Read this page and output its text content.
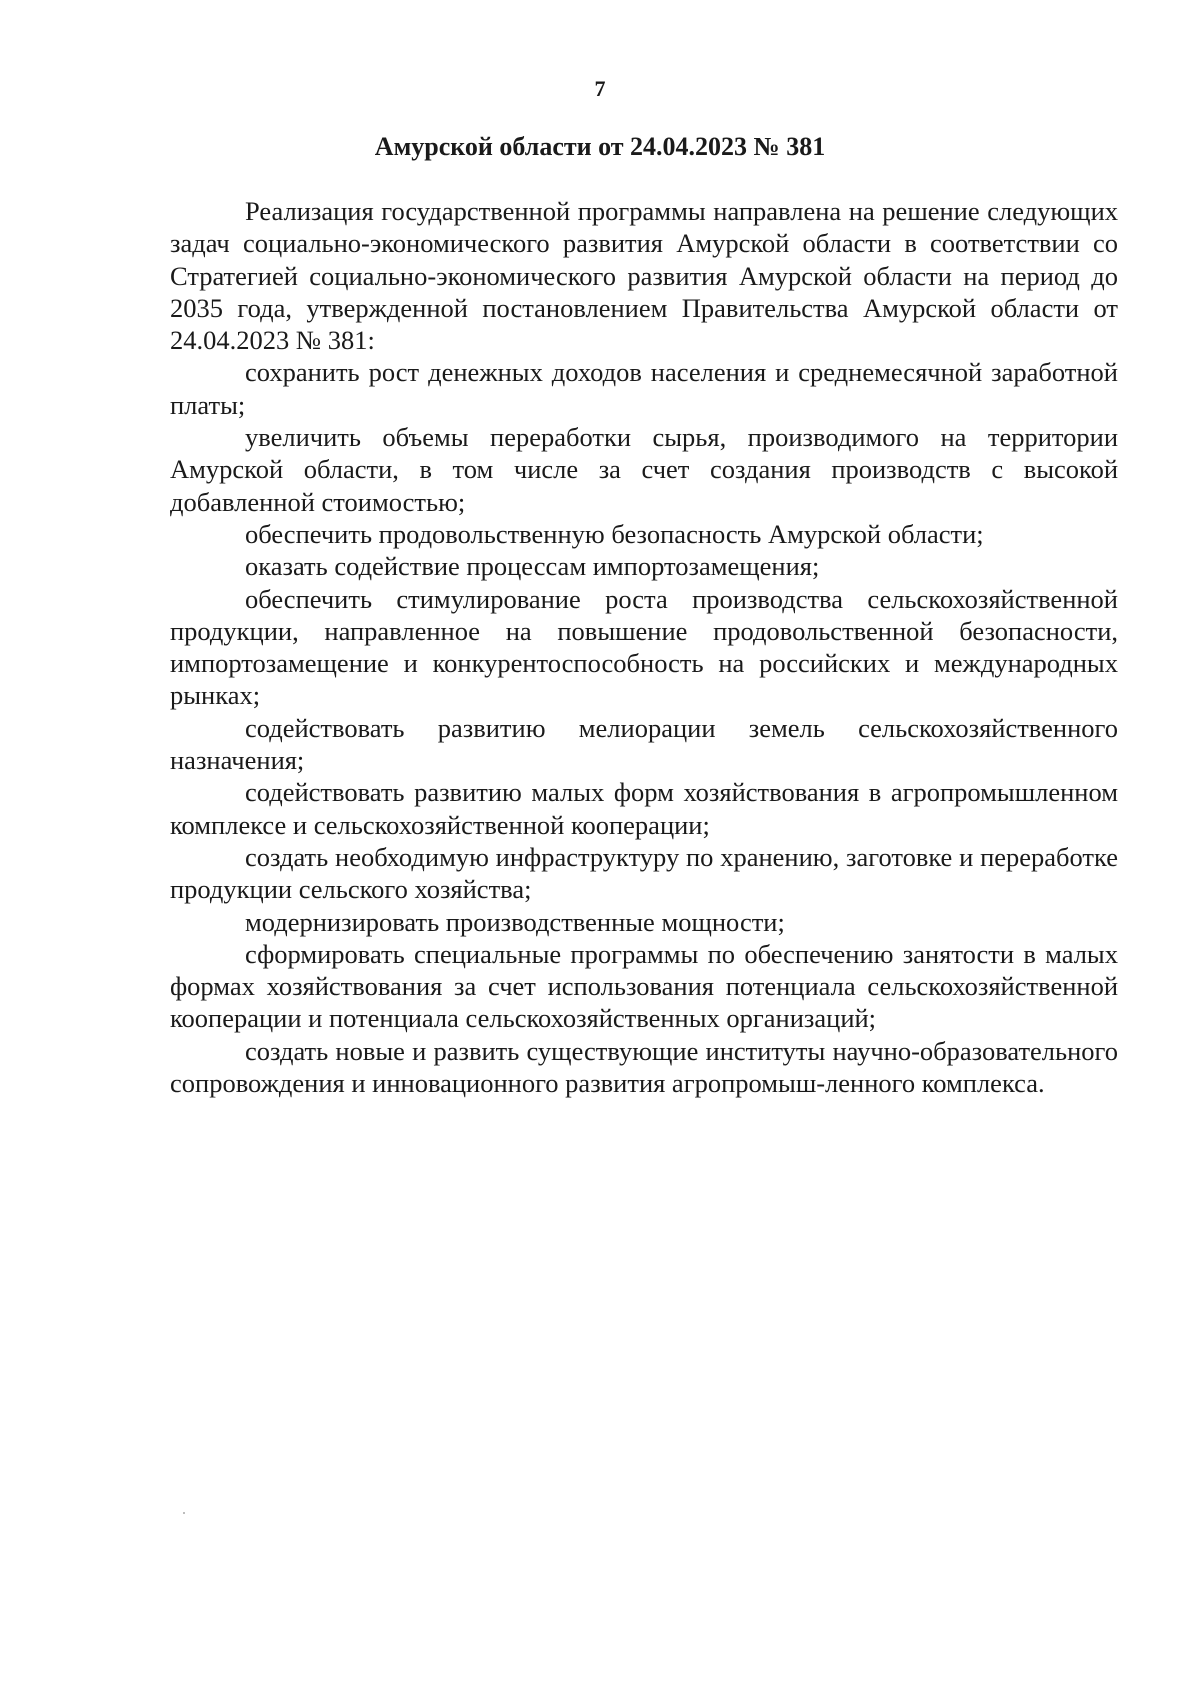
7
Амурской области от 24.04.2023 № 381

Реализация государственной программы направлена на решение следующих задач социально-экономического развития Амурской области в соответствии со Стратегией социально-экономического развития Амурской области на период до 2035 года, утвержденной постановлением Правительства Амурской области от 24.04.2023 № 381:

сохранить рост денежных доходов населения и среднемесячной заработной платы;

увеличить объемы переработки сырья, производимого на территории Амурской области, в том числе за счет создания производств с высокой добавленной стоимостью;

обеспечить продовольственную безопасность Амурской области;

оказать содействие процессам импортозамещения;

обеспечить стимулирование роста производства сельскохозяйственной продукции, направленное на повышение продовольственной безопасности, импортозамещение и конкурентоспособность на российских и международных рынках;

содействовать развитию мелиорации земель сельскохозяйственного назначения;

содействовать развитию малых форм хозяйствования в агропромышленном комплексе и сельскохозяйственной кооперации;

создать необходимую инфраструктуру по хранению, заготовке и переработке продукции сельского хозяйства;

модернизировать производственные мощности;

сформировать специальные программы по обеспечению занятости в малых формах хозяйствования за счет использования потенциала сельскохозяйственной кооперации и потенциала сельскохозяйственных организаций;

создать новые и развить существующие институты научно-образовательного сопровождения и инновационного развития агропромыш-ленного комплекса.
